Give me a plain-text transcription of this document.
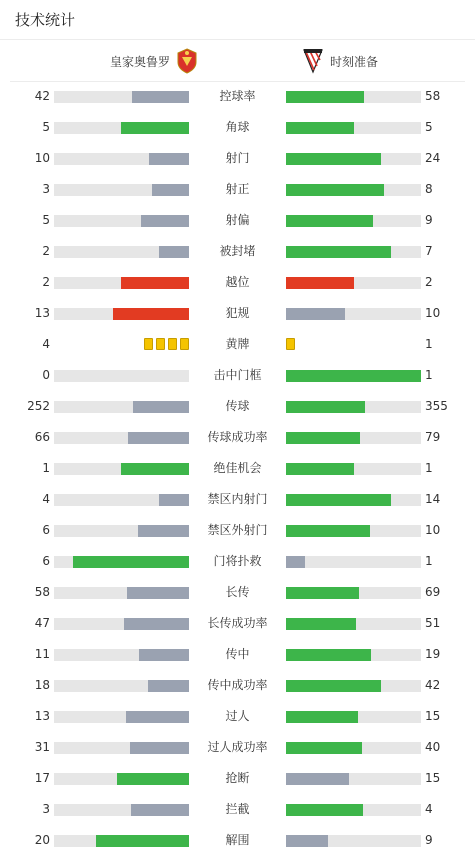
技术统计
皇家奥鲁罗	时刻准备
42	控球率	58
5	角球	5
10	射门	24
3	射正	8
5	射偏	9
2	被封堵	7
2	越位	2
13	犯规	10
4	黄牌	1
0	击中门框	1
252	传球	355
66	传球成功率	79
1	绝佳机会	1
4	禁区内射门	14
6	禁区外射门	10
6	门将扑救	1
58	长传	69
47	长传成功率	51
11	传中	19
18	传中成功率	42
13	过人	15
31	过人成功率	40
17	抢断	15
3	拦截	4
20	解围	9
